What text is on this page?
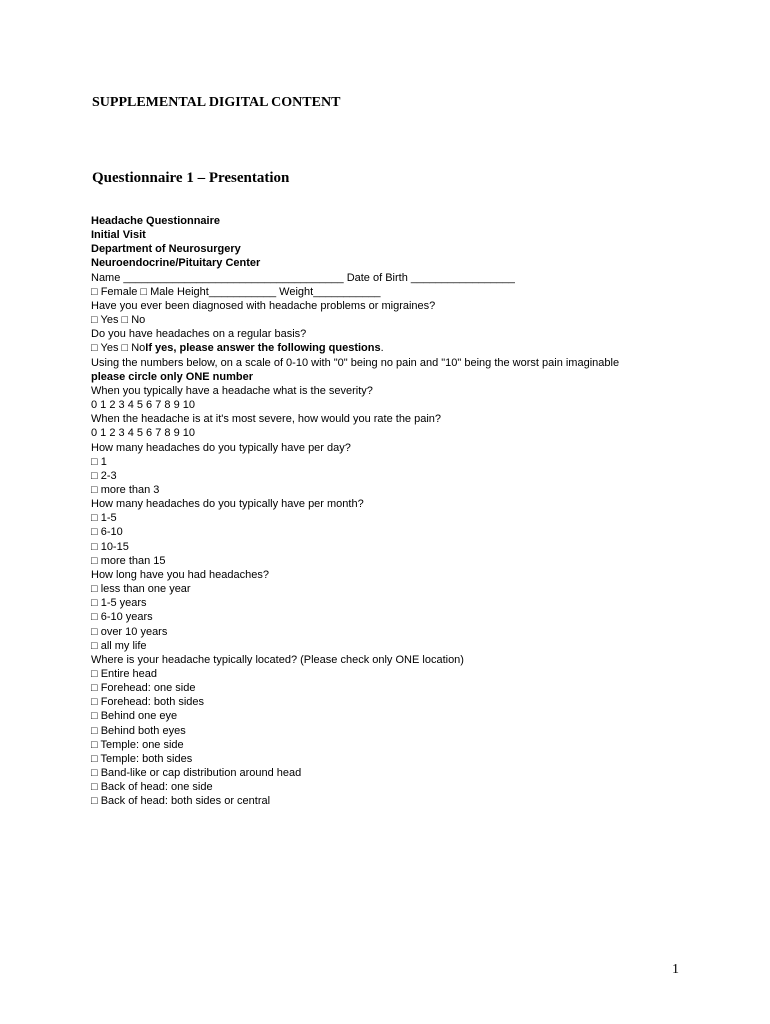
SUPPLEMENTAL DIGITAL CONTENT

Questionnaire 1 – Presentation

Headache Questionnaire
Initial Visit
Department of Neurosurgery
Neuroendocrine/Pituitary Center
Name ____________________________________ Date of Birth _________________
□ Female □ Male Height___________ Weight___________
Have you ever been diagnosed with headache problems or migraines?
□ Yes □ No
Do you have headaches on a regular basis?
□ Yes □ NoIf yes, please answer the following questions.
Using the numbers below, on a scale of 0-10 with "0" being no pain and "10" being the worst pain imaginable
please circle only ONE number
When you typically have a headache what is the severity?
0 1 2 3 4 5 6 7 8 9 10
When the headache is at it's most severe, how would you rate the pain?
0 1 2 3 4 5 6 7 8 9 10
How many headaches do you typically have per day?
□ 1
□ 2-3
□ more than 3
How many headaches do you typically have per month?
□ 1-5
□ 6-10
□ 10-15
□ more than 15
How long have you had headaches?
□ less than one year
□ 1-5 years
□ 6-10 years
□ over 10 years
□ all my life
Where is your headache typically located? (Please check only ONE location)
□ Entire head
□ Forehead: one side
□ Forehead: both sides
□ Behind one eye
□ Behind both eyes
□ Temple: one side
□ Temple: both sides
□ Band-like or cap distribution around head
□ Back of head: one side
□ Back of head: both sides or central
1
